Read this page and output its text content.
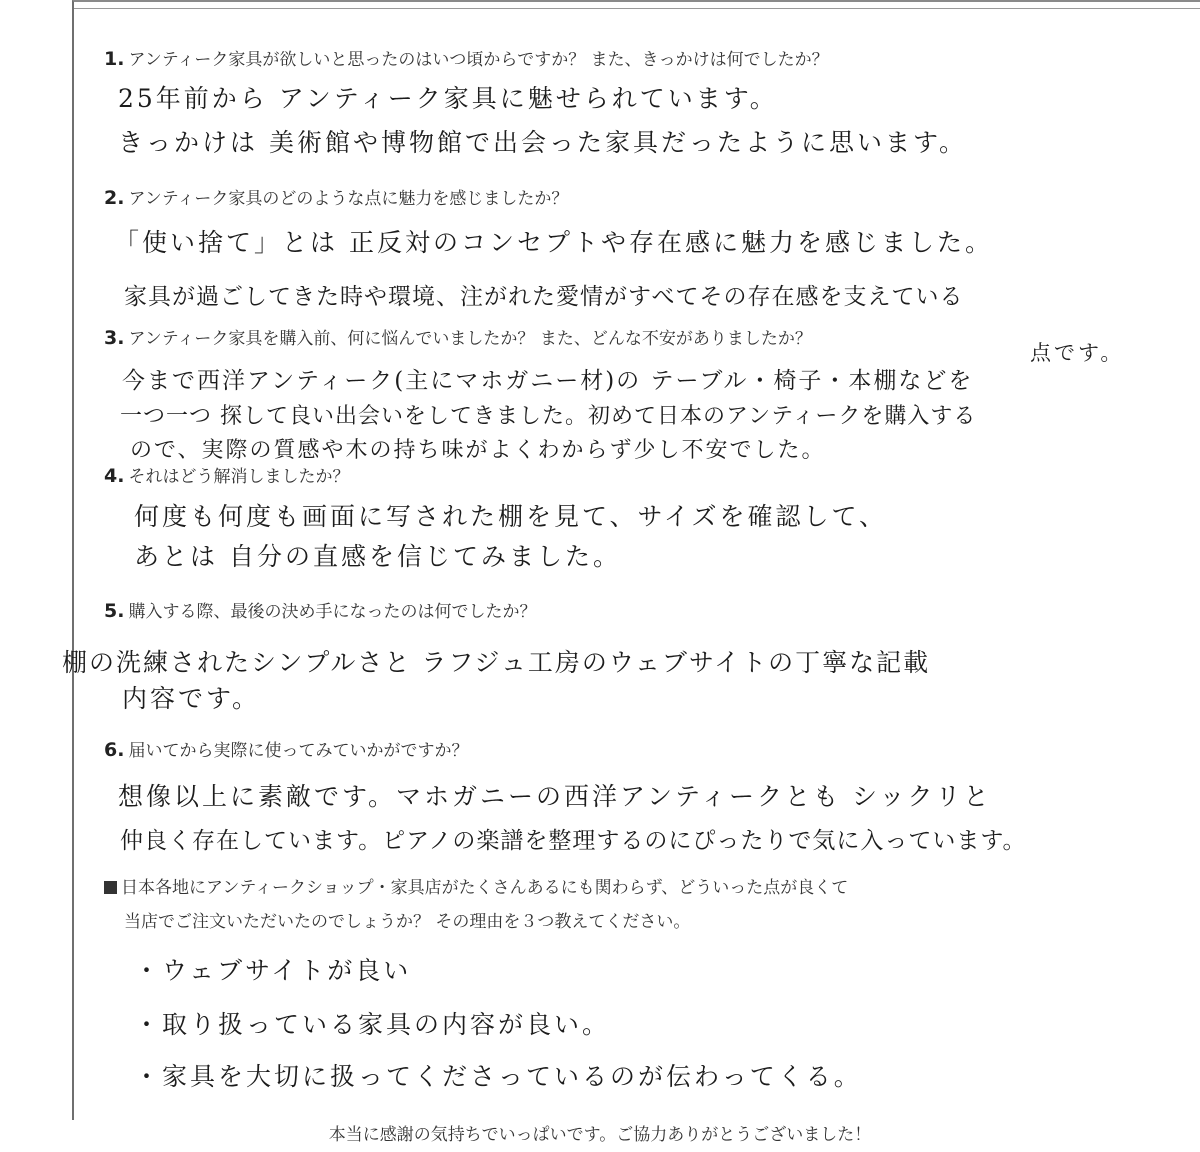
1. アンティーク家具が欲しいと思ったのはいつ頃からですか？ また、きっかけは何でしたか？
25年前から アンティーク家具に魅せられています。
きっかけは 美術館や博物館で出会った家具だったように思います。
2. アンティーク家具のどのような点に魅力を感じましたか？
「使い捨て」とは 正反対のコンセプトや存在感に魅力を感じました。
家具が過ごしてきた時や環境、注がれた愛情がすべてその存在感を支えている
点です。
3. アンティーク家具を購入前、何に悩んでいましたか？ また、どんな不安がありましたか？
今まで西洋アンティーク(主にマホガニー材)の テーブル・椅子・本棚などを
一つ一つ 探して良い出会いをしてきました。初めて日本のアンティークを購入する
ので、実際の質感や木の持ち味がよくわからず少し不安でした。
4. それはどう解消しましたか？
何度も何度も画面に写された棚を見て、サイズを確認して、
あとは 自分の直感を信じてみました。
5. 購入する際、最後の決め手になったのは何でしたか？
棚の洗練されたシンプルさと ラフジュ工房のウェブサイトの丁寧な記載
内容です。
6. 届いてから実際に使ってみていかがですか？
想像以上に素敵です。マホガニーの西洋アンティークとも シックリと
仲良く存在しています。ピアノの楽譜を整理するのにぴったりで気に入っています。
日本各地にアンティークショップ・家具店がたくさんあるにも関わらず、どういった点が良くて
当店でご注文いただいたのでしょうか？ その理由を３つ教えてください。
・ウェブサイトが良い
・取り扱っている家具の内容が良い。
・家具を大切に扱ってくださっているのが伝わってくる。
本当に感謝の気持ちでいっぱいです。ご協力ありがとうございました！
